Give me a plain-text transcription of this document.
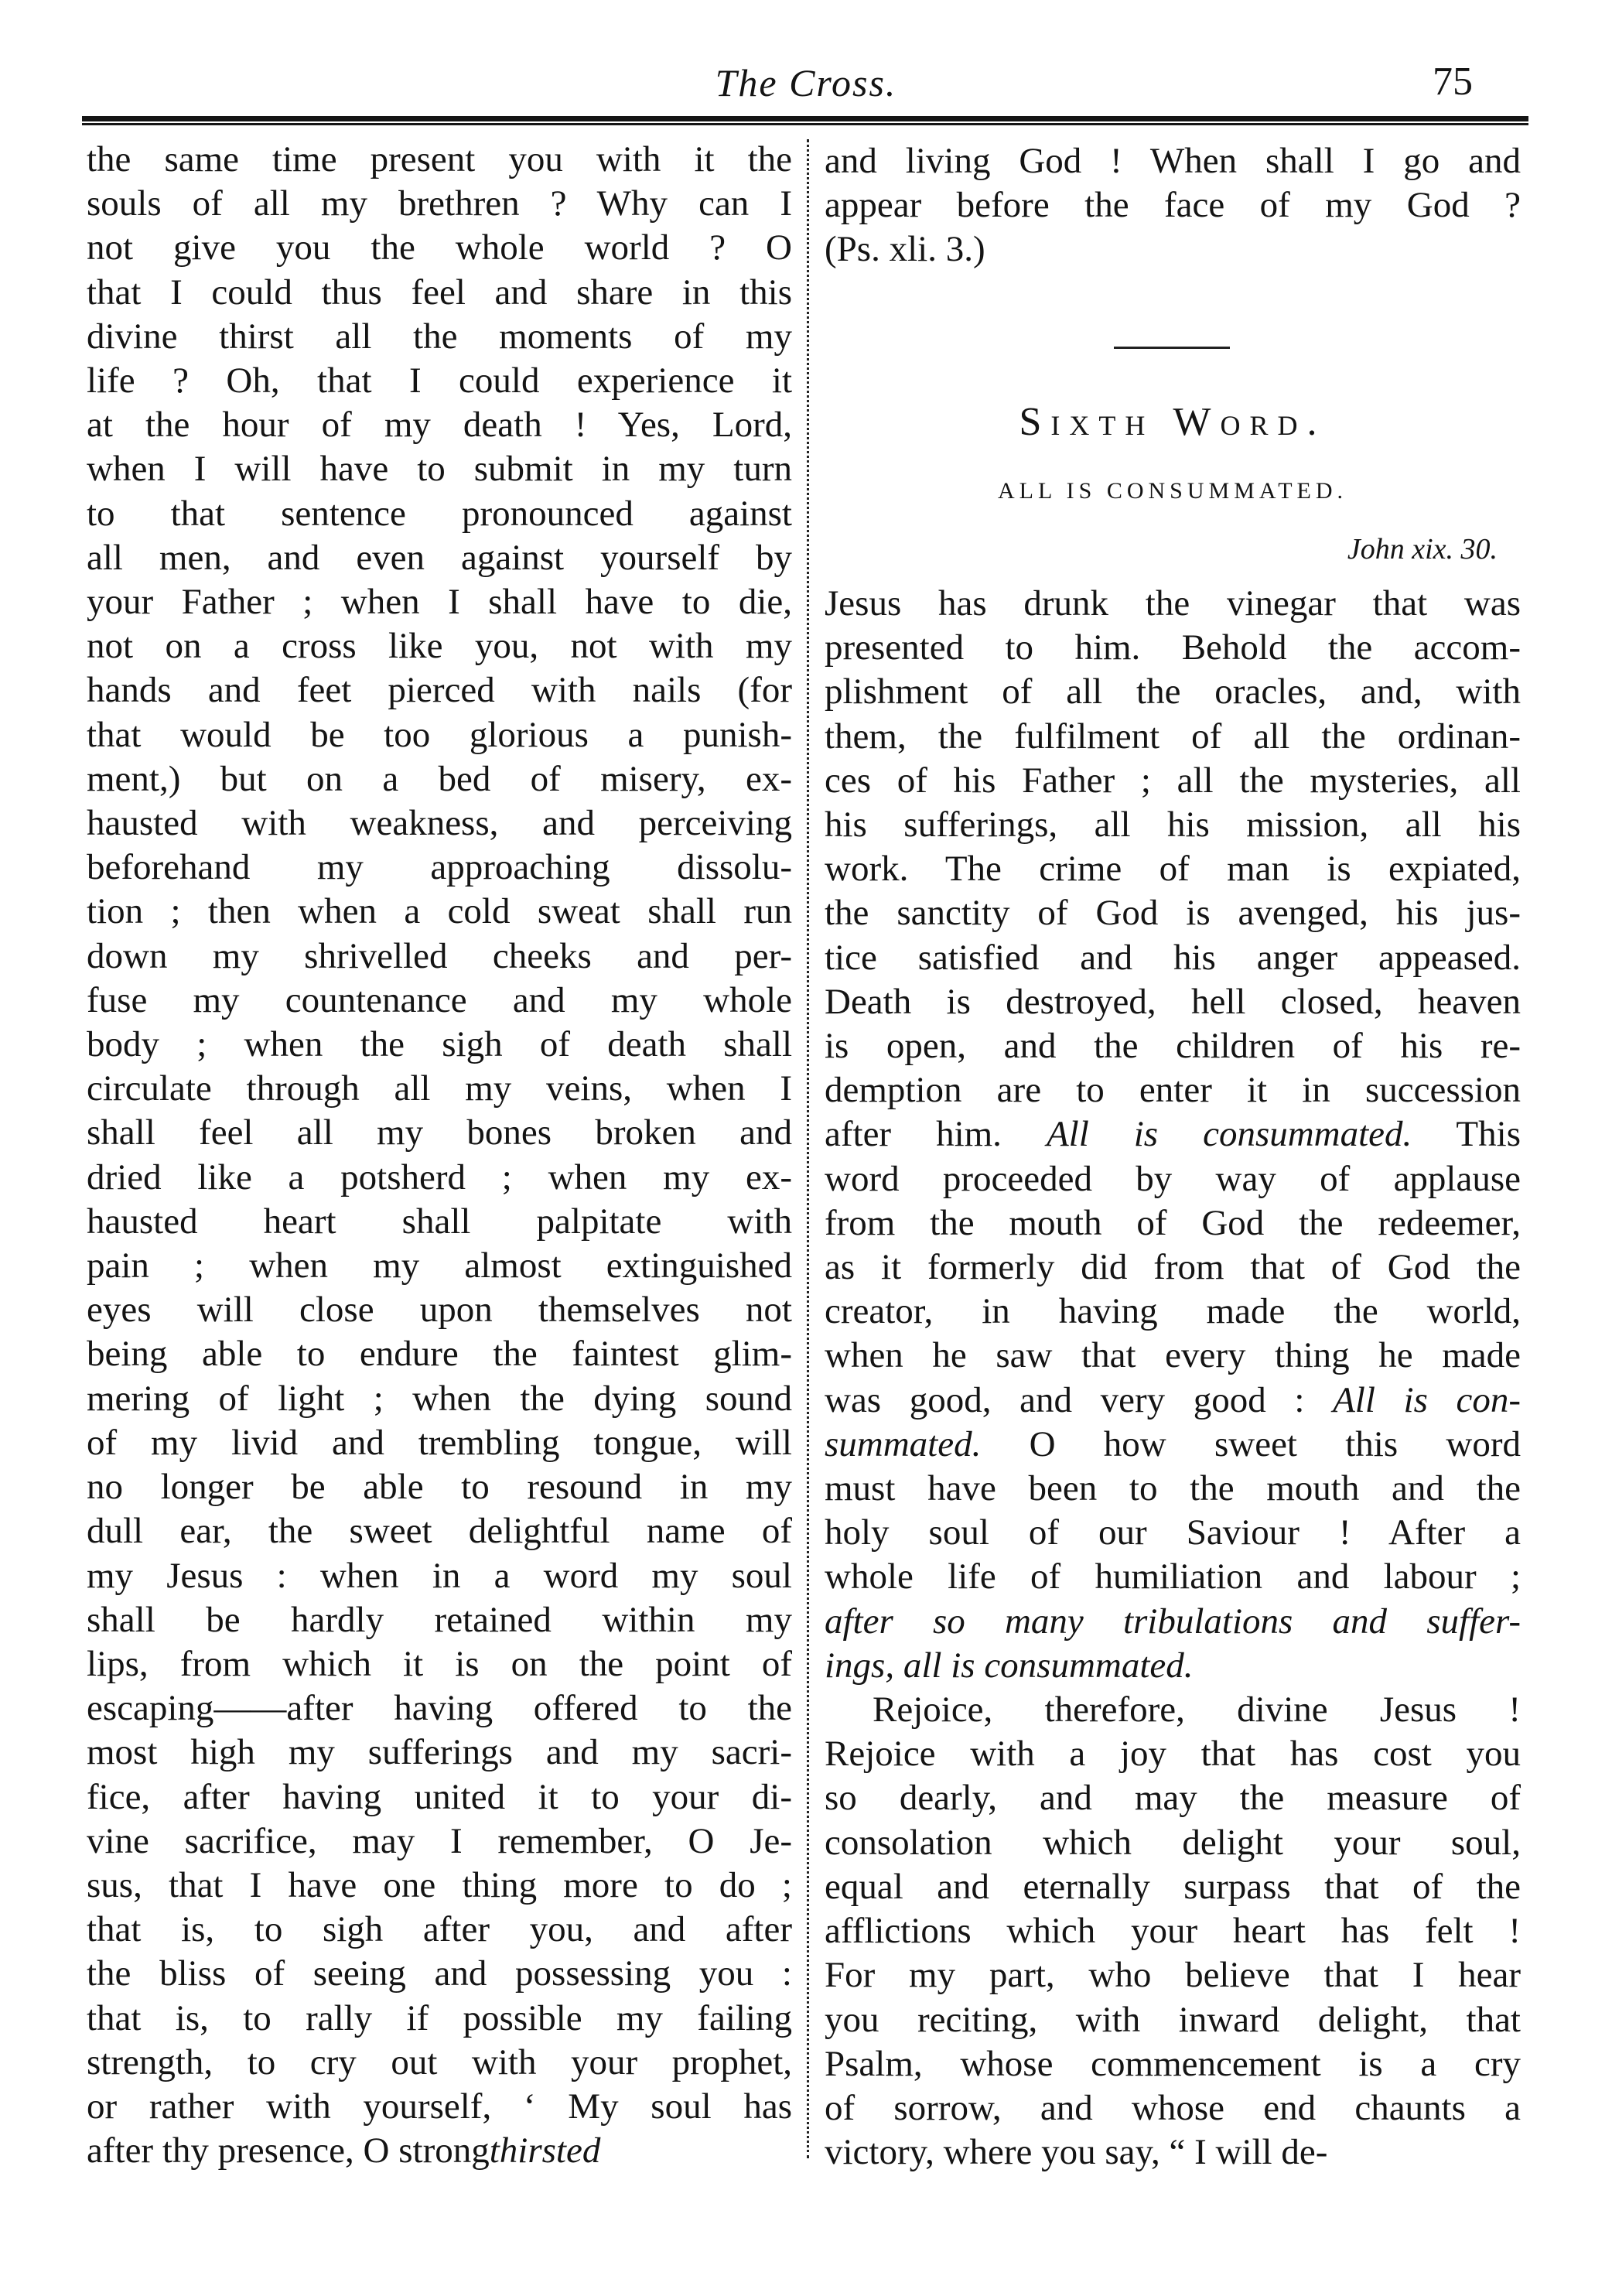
The Cross.	75
the same time present you with it the
souls of all my brethren ? Why can I
not give you the whole world ? O
that I could thus feel and share in this
divine thirst all the moments of my
life ? Oh, that I could experience it
at the hour of my death ! Yes, Lord,
when I will have to submit in my turn
to that sentence pronounced against
all men, and even against yourself by
your Father ; when I shall have to die,
not on a cross like you, not with my
hands and feet pierced with nails (for
that would be too glorious a punish-
ment,) but on a bed of misery, ex-
hausted with weakness, and perceiving
beforehand my approaching dissolu-
tion ; then when a cold sweat shall run
down my shrivelled cheeks and per-
fuse my countenance and my whole
body ; when the sigh of death shall
circulate through all my veins, when I
shall feel all my bones broken and
dried like a potsherd ; when my ex-
hausted heart shall palpitate with
pain ; when my almost extinguished
eyes will close upon themselves not
being able to endure the faintest glim-
mering of light ; when the dying sound
of my livid and trembling tongue, will
no longer be able to resound in my
dull ear, the sweet delightful name of
my Jesus : when in a word my soul
shall be hardly retained within my
lips, from which it is on the point of
escaping——after having offered to the
most high my sufferings and my sacri-
fice, after having united it to your di-
vine sacrifice, may I remember, O Je-
sus, that I have one thing more to do ;
that is, to sigh after you, and after
the bliss of seeing and possessing you :
that is, to rally if possible my failing
strength, to cry out with your prophet,
or rather with yourself, ‘ My soul has
after thy presence, O strongthirsted
and living God ! When shall I go and
appear before the face of my God ?
(Ps. xli. 3.)
Sixth Word.
ALL IS CONSUMMATED.
John xix. 30.
Jesus has drunk the vinegar that was
presented to him. Behold the accom-
plishment of all the oracles, and, with
them, the fulfilment of all the ordinan-
ces of his Father ; all the mysteries, all
his sufferings, all his mission, all his
work. The crime of man is expiated,
the sanctity of God is avenged, his jus-
tice satisfied and his anger appeased.
Death is destroyed, hell closed, heaven
is open, and the children of his re-
demption are to enter it in succession
after him. All is consummated. This
word proceeded by way of applause
from the mouth of God the redeemer,
as it formerly did from that of God the
creator, in having made the world,
when he saw that every thing he made
was good, and very good : All is con-
summated. O how sweet this word
must have been to the mouth and the
holy soul of our Saviour ! After a
whole life of humiliation and labour ;
after so many tribulations and suffer-
ings, all is consummated.
Rejoice, therefore, divine Jesus !
Rejoice with a joy that has cost you
so dearly, and may the measure of
consolation which delight your soul,
equal and eternally surpass that of the
afflictions which your heart has felt !
For my part, who believe that I hear
you reciting, with inward delight, that
Psalm, whose commencement is a cry
of sorrow, and whose end chaunts a
victory, where you say, “ I will de-
